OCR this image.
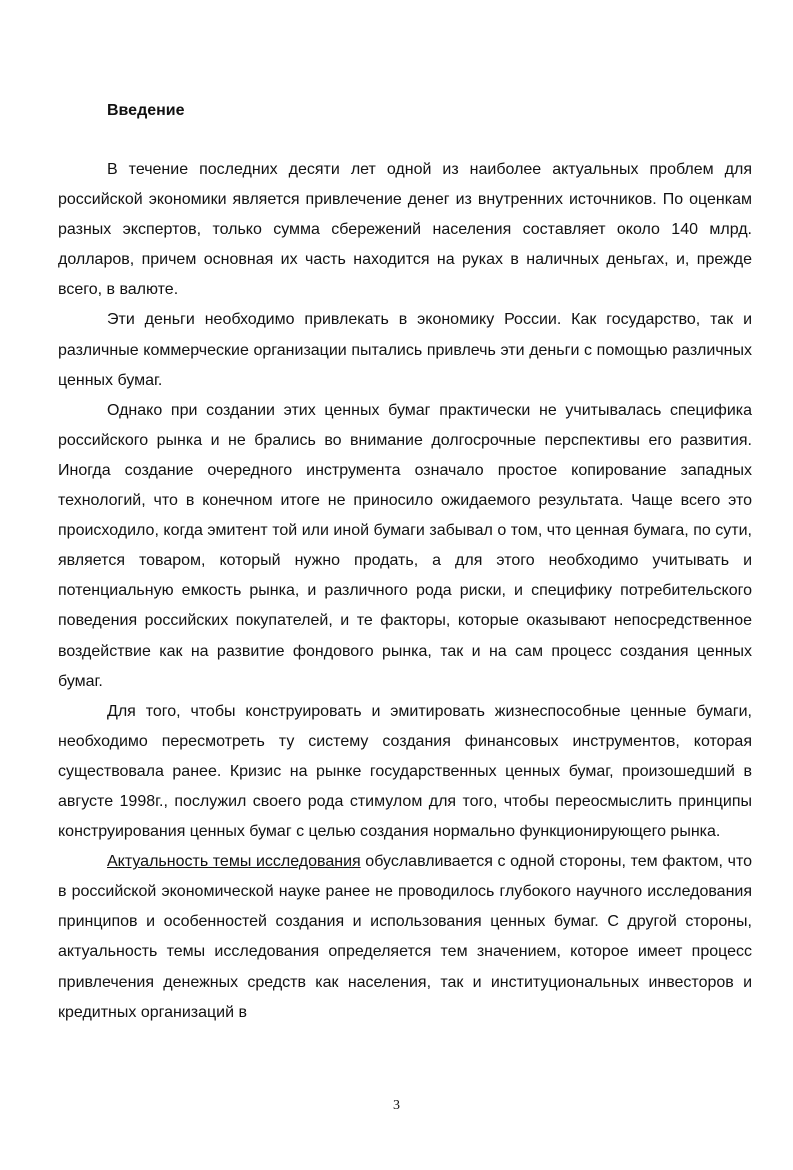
Введение

В течение последних десяти лет одной из наиболее актуальных проблем для российской экономики является привлечение денег из внутренних источников. По оценкам разных экспертов, только сумма сбережений населения составляет около 140 млрд. долларов, причем основная их часть находится на руках в наличных деньгах, и, прежде всего, в валюте.

Эти деньги необходимо привлекать в экономику России. Как государство, так и различные коммерческие организации пытались привлечь эти деньги с помощью различных ценных бумаг.

Однако при создании этих ценных бумаг практически не учитывалась специфика российского рынка и не брались во внимание долгосрочные перспективы его развития. Иногда создание очередного инструмента означало простое копирование западных технологий, что в конечном итоге не приносило ожидаемого результата. Чаще всего это происходило, когда эмитент той или иной бумаги забывал о том, что ценная бумага, по сути, является товаром, который нужно продать, а для этого необходимо учитывать и потенциальную емкость рынка, и различного рода риски, и специфику потребительского поведения российских покупателей, и те факторы, которые оказывают непосредственное воздействие как на развитие фондового рынка, так и на сам процесс создания ценных бумаг.

Для того, чтобы конструировать и эмитировать жизнеспособные ценные бумаги, необходимо пересмотреть ту систему создания финансовых инструментов, которая существовала ранее. Кризис на рынке государственных ценных бумаг, произошедший в августе 1998г., послужил своего рода стимулом для того, чтобы переосмыслить принципы конструирования ценных бумаг с целью создания нормально функционирующего рынка.

Актуальность темы исследования обуславливается с одной стороны, тем фактом, что в российской экономической науке ранее не проводилось глубокого научного исследования принципов и особенностей создания и использования ценных бумаг. С другой стороны, актуальность темы исследования определяется тем значением, которое имеет процесс привлечения денежных средств как населения, так и институциональных инвесторов и кредитных организаций в

3
